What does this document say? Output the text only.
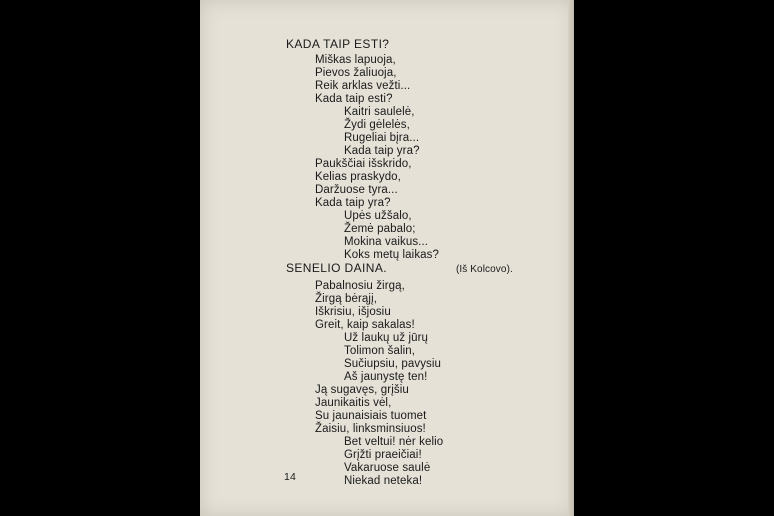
KADA TAIP ESTI?
Miškas lapuoja,
Pievos žaliuoja,
Reik arklas vežti...
Kada taip esti?
Kaitri saulelė,
Žydi gėlelės,
Rugeliai bįra...
Kada taip yra?
Paukščiai išskrido,
Kelias praskydo,
Daržuose tyra...
Kada taip yra?
Upės užšalo,
Žemė pabalo;
Mokina vaikus...
Koks metų laikas?
SENELIO DAINA.	(Iš Kolcovo).
Pabalnosiu žirgą,
Žirgą bėrąjį,
Iškrisiu, išjosiu
Greit, kaip sakalas!
Už laukų už jūrų
Tolimon šalin,
Sučiupsiu, pavysiu
Aš jaunystę ten!
Ją sugavęs, grįšiu
Jaunikaitis vėl,
Su jaunaisiais tuomet
Žaisiu, linksminsiuos!
Bet veltui! nėr kelio
Grįžti praeičiai!
Vakaruose saulė
Niekad neteka!
14
